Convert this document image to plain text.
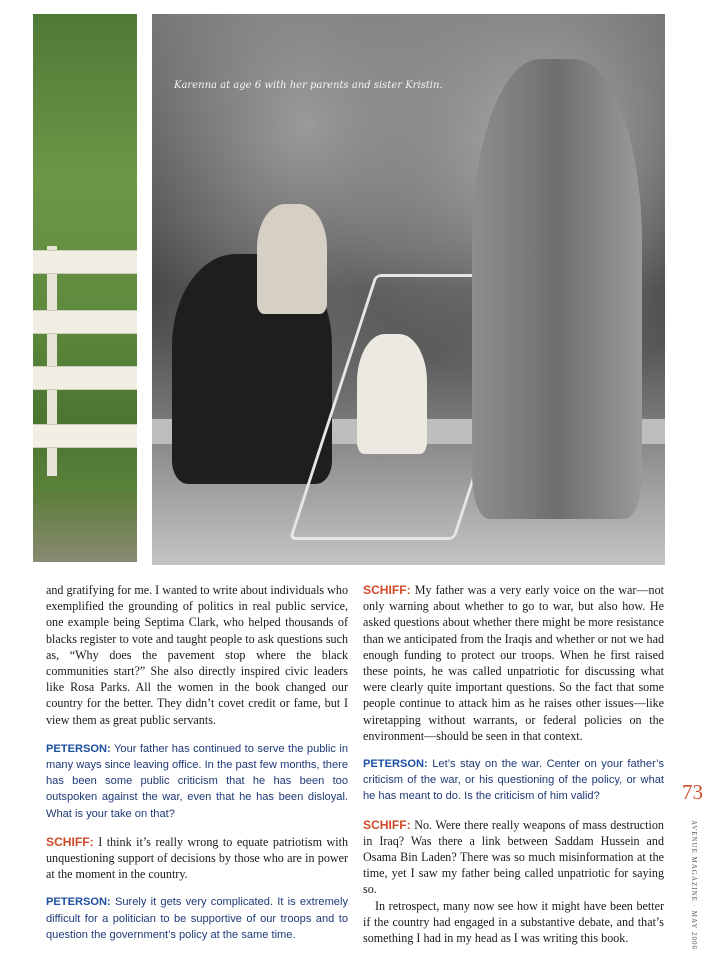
Karenna at age 6 with her parents and sister Kristin.

and gratifying for me. I wanted to write about individuals who exemplified the grounding of politics in real public service, one example being Septima Clark, who helped thousands of blacks register to vote and taught people to ask questions such as, “Why does the pavement stop where the black communities start?” She also directly inspired civic leaders like Rosa Parks. All the women in the book changed our country for the better. They didn’t covet credit or fame, but I view them as great public servants.

PETERSON: Your father has continued to serve the public in many ways since leaving office. In the past few months, there has been some public criticism that he has been too outspoken against the war, even that he has been disloyal. What is your take on that?

SCHIFF: I think it’s really wrong to equate patriotism with unquestioning support of decisions by those who are in power at the moment in the country.

PETERSON: Surely it gets very complicated. It is extremely difficult for a politician to be supportive of our troops and to question the government’s policy at the same time.

SCHIFF: My father was a very early voice on the war—not only warning about whether to go to war, but also how. He asked questions about whether there might be more resistance than we anticipated from the Iraqis and whether or not we had enough funding to protect our troops. When he first raised these points, he was called unpatriotic for discussing what were clearly quite important questions. So the fact that some people continue to attack him as he raises other issues—like wiretapping without warrants, or federal policies on the environment—should be seen in that context.

PETERSON: Let’s stay on the war. Center on your father’s criticism of the war, or his questioning of the policy, or what he has meant to do. Is the criticism of him valid?

SCHIFF: No. Were there really weapons of mass destruction in Iraq? Was there a link between Saddam Hussein and Osama Bin Laden? There was so much misinformation at the time, yet I saw my father being called unpatriotic for saying so.

In retrospect, many now see how it might have been better if the country had engaged in a substantive debate, and that’s something I had in my head as I was writing this book.

73
AVENUE MAGAZINE · MAY 2006
